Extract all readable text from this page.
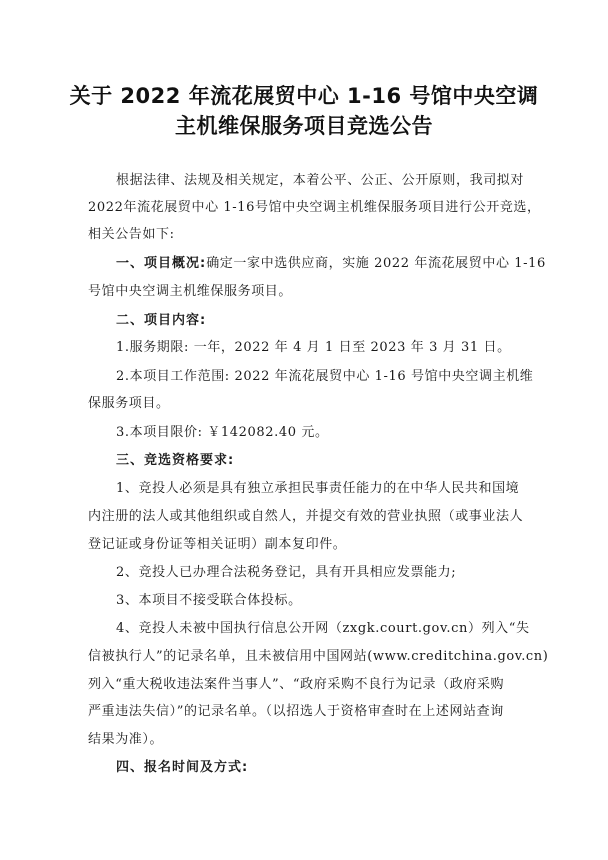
关于 2022 年流花展贸中心 1-16 号馆中央空调
主机维保服务项目竞选公告
根据法律、法规及相关规定，本着公平、公正、公开原则，我司拟对
2022年流花展贸中心 1-16号馆中央空调主机维保服务项目进行公开竞选，
相关公告如下:
一、项目概况:确定一家中选供应商，实施 2022 年流花展贸中心 1-16
号馆中央空调主机维保服务项目。
二、项目内容:
1.服务期限: 一年，2022 年 4 月 1 日至 2023 年 3 月 31 日。
2.本项目工作范围: 2022 年流花展贸中心 1-16 号馆中央空调主机维
保服务项目。
3.本项目限价: ￥142082.40 元。
三、竞选资格要求:
1、竞投人必须是具有独立承担民事责任能力的在中华人民共和国境
内注册的法人或其他组织或自然人，并提交有效的营业执照（或事业法人
登记证或身份证等相关证明）副本复印件。
2、竞投人已办理合法税务登记，具有开具相应发票能力;
3、本项目不接受联合体投标。
4、竞投人未被中国执行信息公开网（zxgk.court.gov.cn）列入“失
信被执行人”的记录名单，且未被信用中国网站(www.creditchina.gov.cn)
列入“重大税收违法案件当事人”、“政府采购不良行为记录（政府采购
严重违法失信）”的记录名单。（以招选人于资格审查时在上述网站查询
结果为准）。
四、报名时间及方式:
